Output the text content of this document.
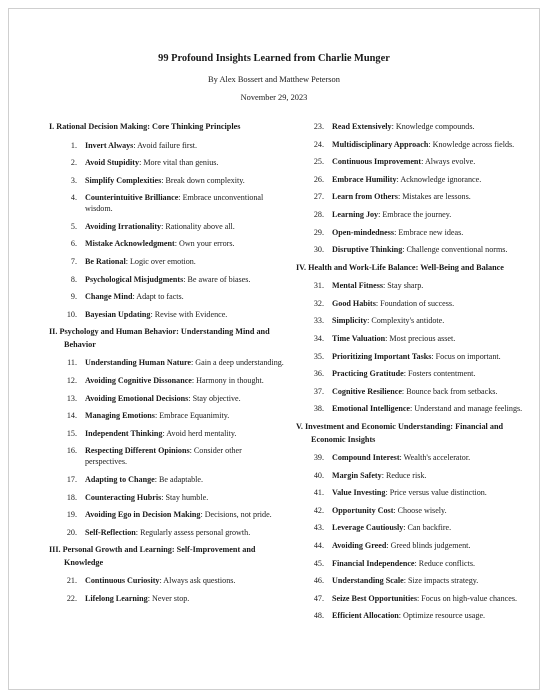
99 Profound Insights Learned from Charlie Munger
By Alex Bossert and Matthew Peterson
November 29, 2023
I. Rational Decision Making: Core Thinking Principles
1. Invert Always: Avoid failure first.
2. Avoid Stupidity: More vital than genius.
3. Simplify Complexities: Break down complexity.
4. Counterintuitive Brilliance: Embrace unconventional wisdom.
5. Avoiding Irrationality: Rationality above all.
6. Mistake Acknowledgment: Own your errors.
7. Be Rational: Logic over emotion.
8. Psychological Misjudgments: Be aware of biases.
9. Change Mind: Adapt to facts.
10. Bayesian Updating: Revise with Evidence.
II. Psychology and Human Behavior: Understanding Mind and Behavior
11. Understanding Human Nature: Gain a deep understanding.
12. Avoiding Cognitive Dissonance: Harmony in thought.
13. Avoiding Emotional Decisions: Stay objective.
14. Managing Emotions: Embrace Equanimity.
15. Independent Thinking: Avoid herd mentality.
16. Respecting Different Opinions: Consider other perspectives.
17. Adapting to Change: Be adaptable.
18. Counteracting Hubris: Stay humble.
19. Avoiding Ego in Decision Making: Decisions, not pride.
20. Self-Reflection: Regularly assess personal growth.
III. Personal Growth and Learning: Self-Improvement and Knowledge
21. Continuous Curiosity: Always ask questions.
22. Lifelong Learning: Never stop.
23. Read Extensively: Knowledge compounds.
24. Multidisciplinary Approach: Knowledge across fields.
25. Continuous Improvement: Always evolve.
26. Embrace Humility: Acknowledge ignorance.
27. Learn from Others: Mistakes are lessons.
28. Learning Joy: Embrace the journey.
29. Open-mindedness: Embrace new ideas.
30. Disruptive Thinking: Challenge conventional norms.
IV. Health and Work-Life Balance: Well-Being and Balance
31. Mental Fitness: Stay sharp.
32. Good Habits: Foundation of success.
33. Simplicity: Complexity's antidote.
34. Time Valuation: Most precious asset.
35. Prioritizing Important Tasks: Focus on important.
36. Practicing Gratitude: Fosters contentment.
37. Cognitive Resilience: Bounce back from setbacks.
38. Emotional Intelligence: Understand and manage feelings.
V. Investment and Economic Understanding: Financial and Economic Insights
39. Compound Interest: Wealth's accelerator.
40. Margin Safety: Reduce risk.
41. Value Investing: Price versus value distinction.
42. Opportunity Cost: Choose wisely.
43. Leverage Cautiously: Can backfire.
44. Avoiding Greed: Greed blinds judgement.
45. Financial Independence: Reduce conflicts.
46. Understanding Scale: Size impacts strategy.
47. Seize Best Opportunities: Focus on high-value chances.
48. Efficient Allocation: Optimize resource usage.
